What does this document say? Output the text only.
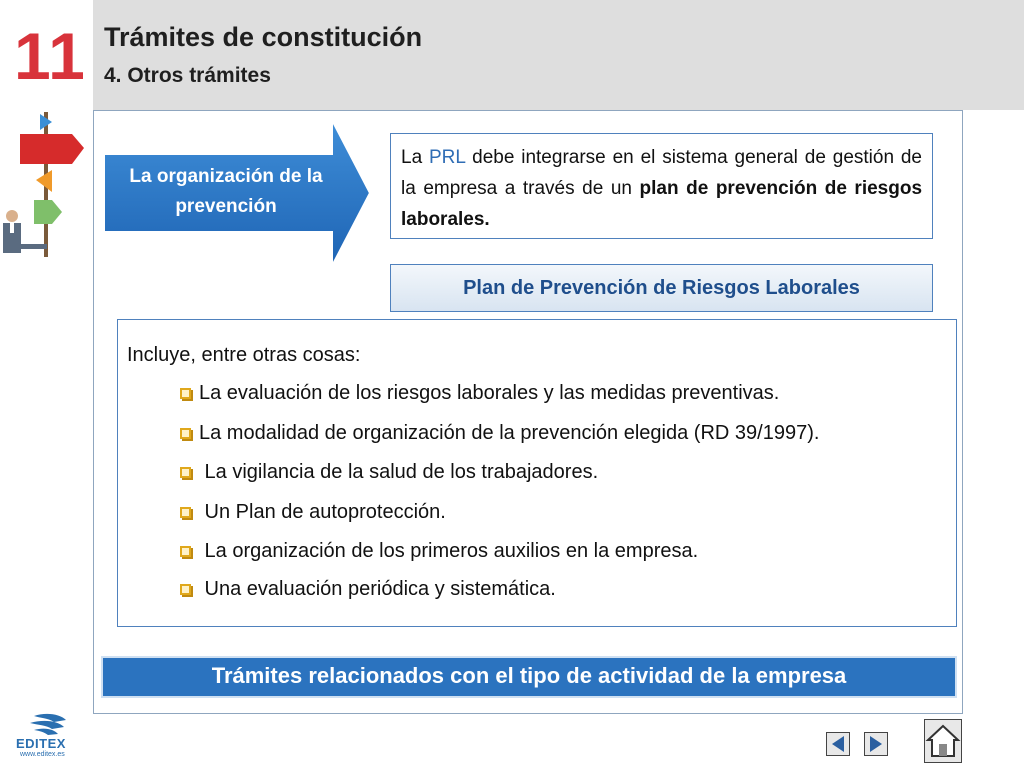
11 Trámites de constitución
4. Otros trámites
La organización de la prevención
La PRL debe integrarse en el sistema general de gestión de la empresa a través de un plan de prevención de riesgos laborales.
Plan de Prevención de Riesgos Laborales
Incluye, entre otras cosas:
La evaluación de los riesgos laborales y las medidas preventivas.
La modalidad de organización de la prevención elegida (RD 39/1997).
La vigilancia de la salud de los trabajadores.
Un Plan de autoprotección.
La organización de los primeros auxilios en la empresa.
Una evaluación periódica y sistemática.
Trámites relacionados con el tipo de actividad de la empresa
EDITEX
www.editex.es
